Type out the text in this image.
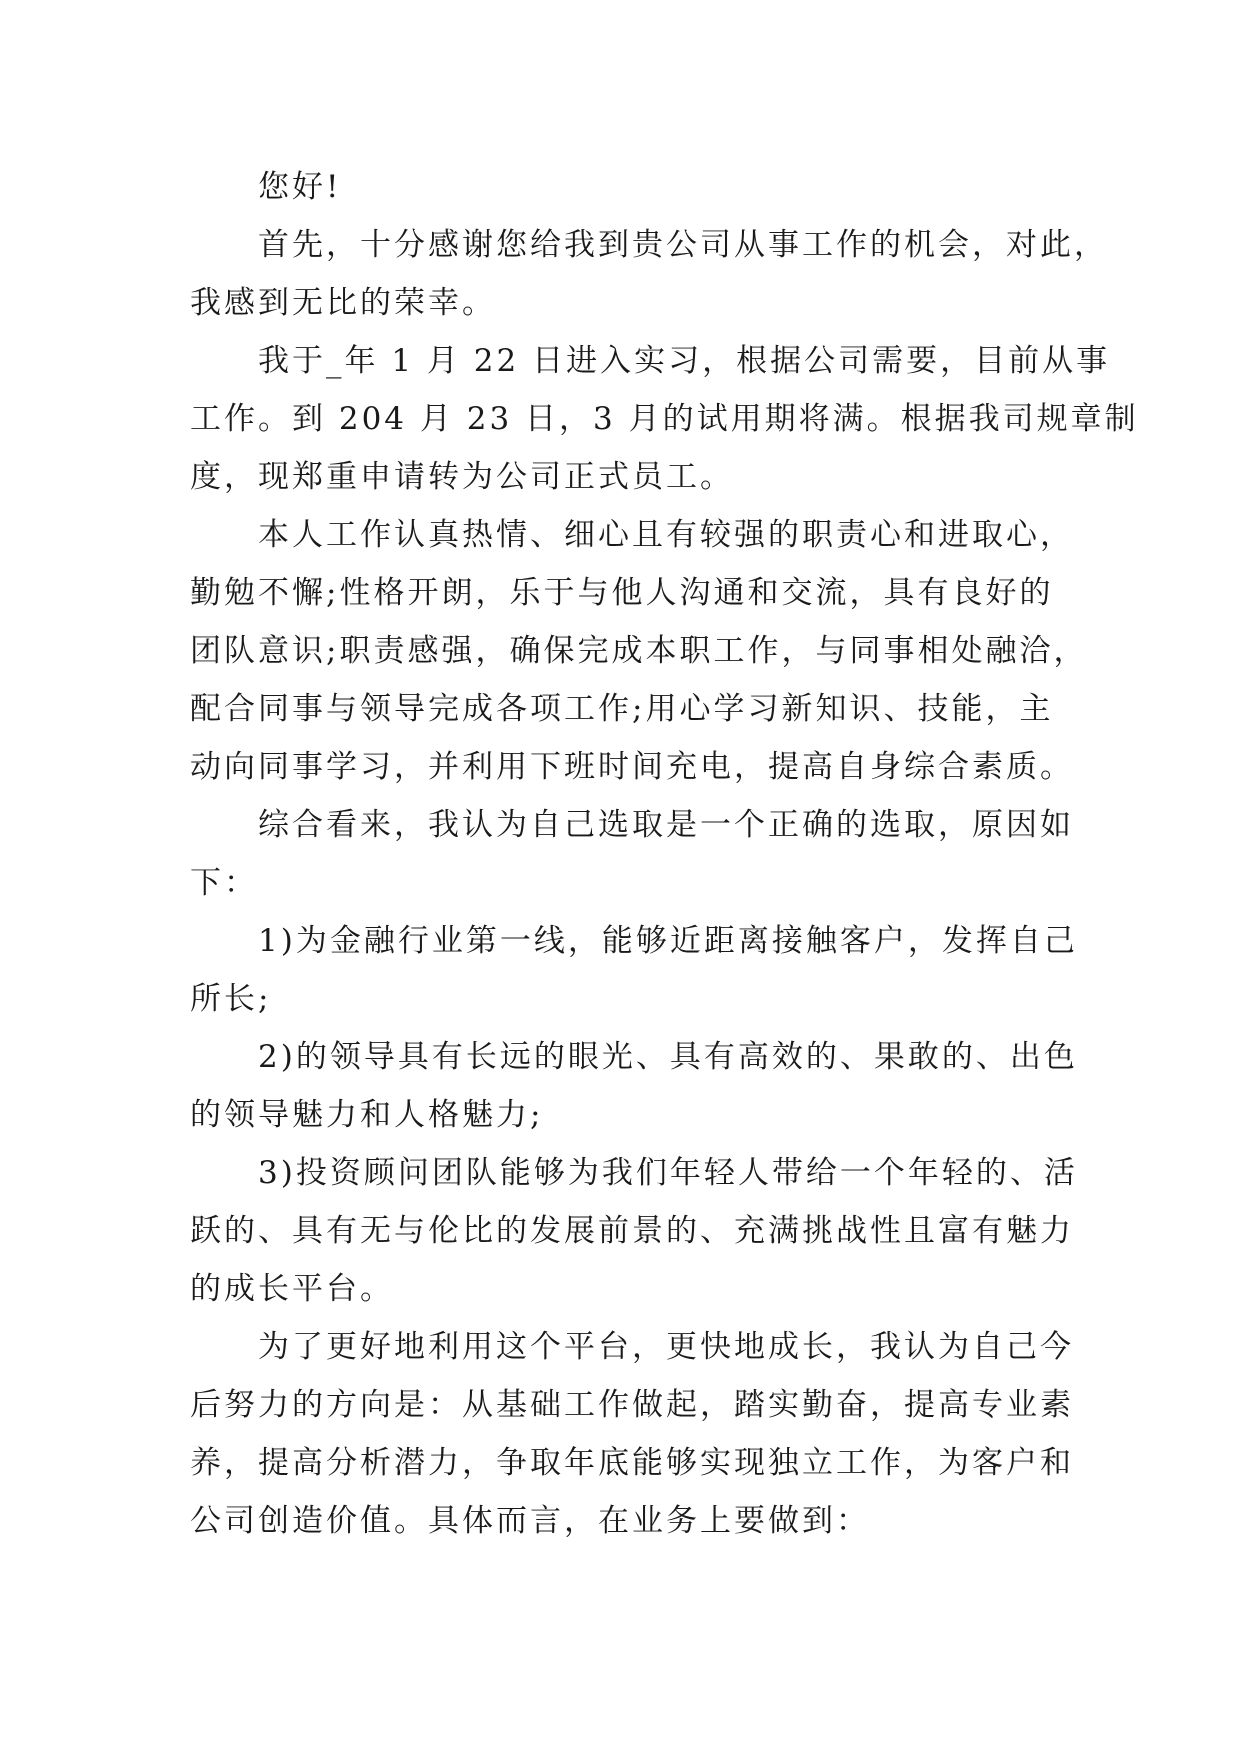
您好!
首先，十分感谢您给我到贵公司从事工作的机会，对此，
我感到无比的荣幸。
我于_年 1 月 22 日进入实习，根据公司需要，目前从事
工作。到 204 月 23 日，3 月的试用期将满。根据我司规章制
度，现郑重申请转为公司正式员工。
本人工作认真热情、细心且有较强的职责心和进取心，
勤勉不懈;性格开朗，乐于与他人沟通和交流，具有良好的
团队意识;职责感强，确保完成本职工作，与同事相处融洽，
配合同事与领导完成各项工作;用心学习新知识、技能，主
动向同事学习，并利用下班时间充电，提高自身综合素质。
综合看来，我认为自己选取是一个正确的选取，原因如
下：
1)为金融行业第一线，能够近距离接触客户，发挥自己
所长;
2)的领导具有长远的眼光、具有高效的、果敢的、出色
的领导魅力和人格魅力;
3)投资顾问团队能够为我们年轻人带给一个年轻的、活
跃的、具有无与伦比的发展前景的、充满挑战性且富有魅力
的成长平台。
为了更好地利用这个平台，更快地成长，我认为自己今
后努力的方向是：从基础工作做起，踏实勤奋，提高专业素
养，提高分析潜力，争取年底能够实现独立工作，为客户和
公司创造价值。具体而言，在业务上要做到：
